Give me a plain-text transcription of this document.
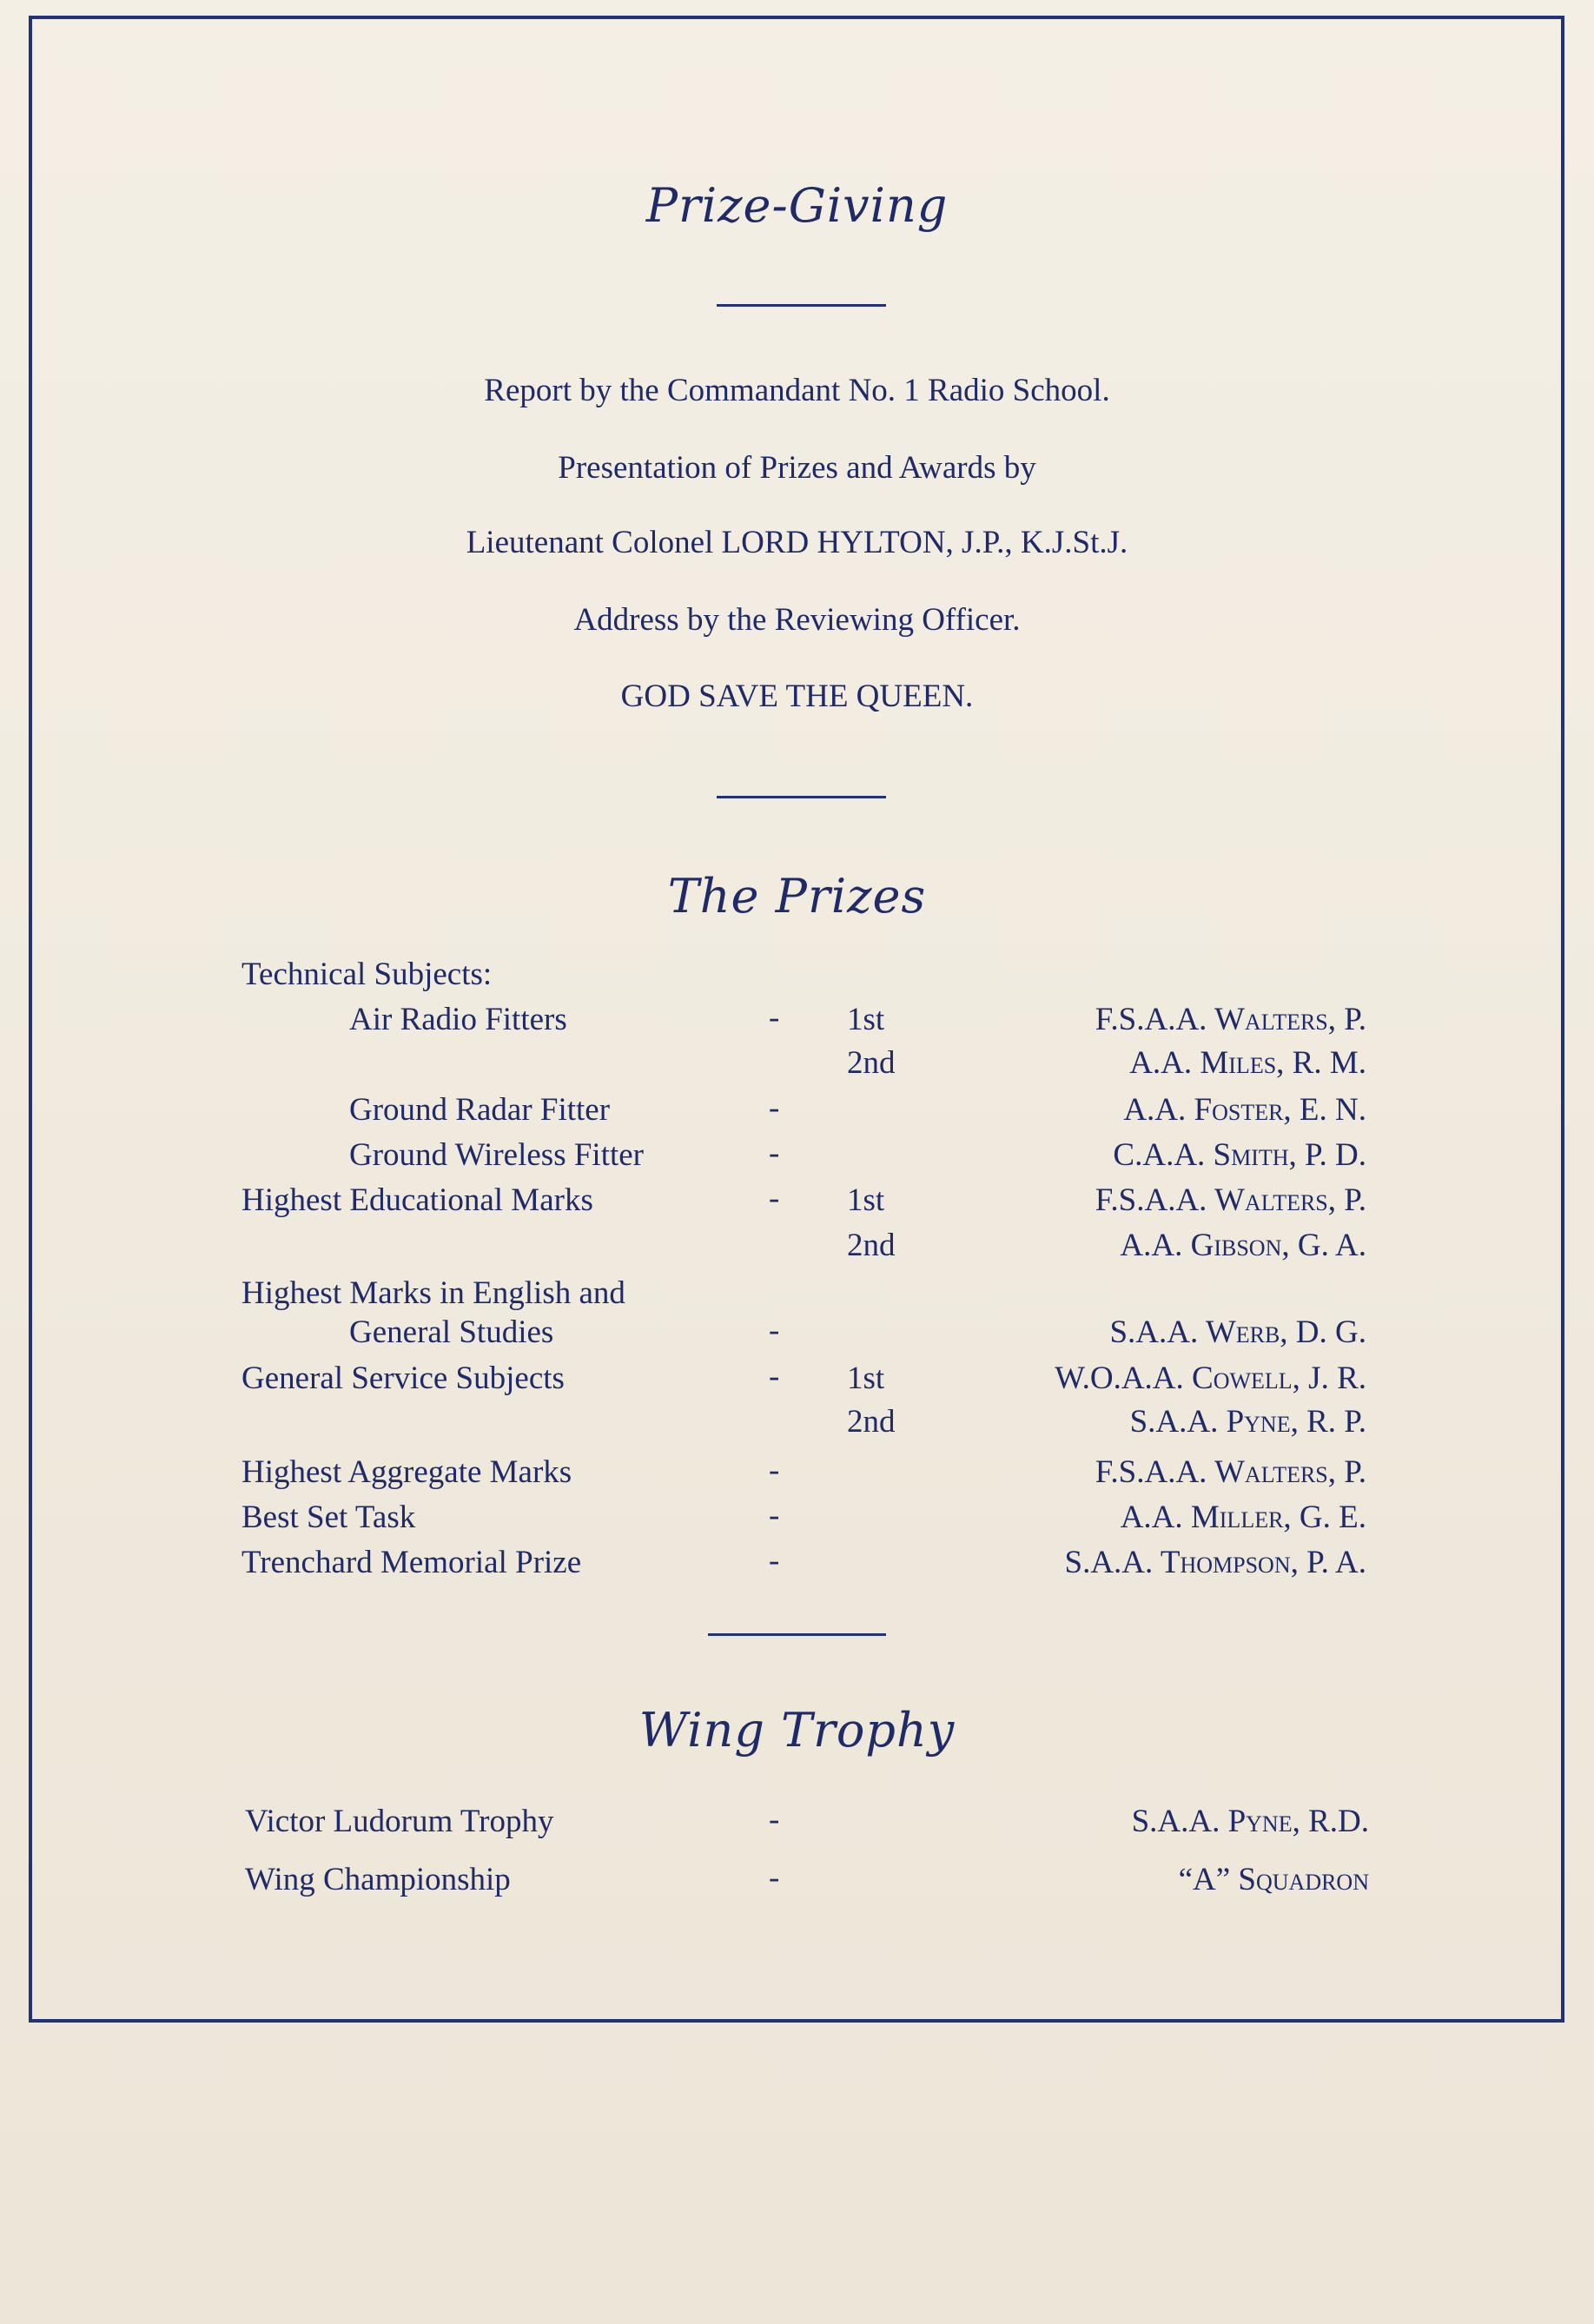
Prize-Giving
Report by the Commandant No. 1 Radio School.
Presentation of Prizes and Awards by
Lieutenant Colonel LORD HYLTON, J.P., K.J.St.J.
Address by the Reviewing Officer.
GOD SAVE THE QUEEN.
The Prizes
Technical Subjects:
Air Radio Fitters	- 1st	F.S.A.A. Walters, P.
2nd	A.A. Miles, R. M.
Ground Radar Fitter	-	A.A. Foster, E. N.
Ground Wireless Fitter	-	C.A.A. Smith, P. D.
Highest Educational Marks	- 1st	F.S.A.A. Walters, P.
2nd	A.A. Gibson, G. A.
Highest Marks in English and
General Studies	-	S.A.A. Werb, D. G.
General Service Subjects	- 1st	W.O.A.A. Cowell, J. R.
2nd	S.A.A. Pyne, R. P.
Highest Aggregate Marks	-	F.S.A.A. Walters, P.
Best Set Task	-	A.A. Miller, G. E.
Trenchard Memorial Prize	-	S.A.A. Thompson, P. A.
Wing Trophy
Victor Ludorum Trophy	-	S.A.A. Pyne, R.D.
Wing Championship	-	“A” Squadron
